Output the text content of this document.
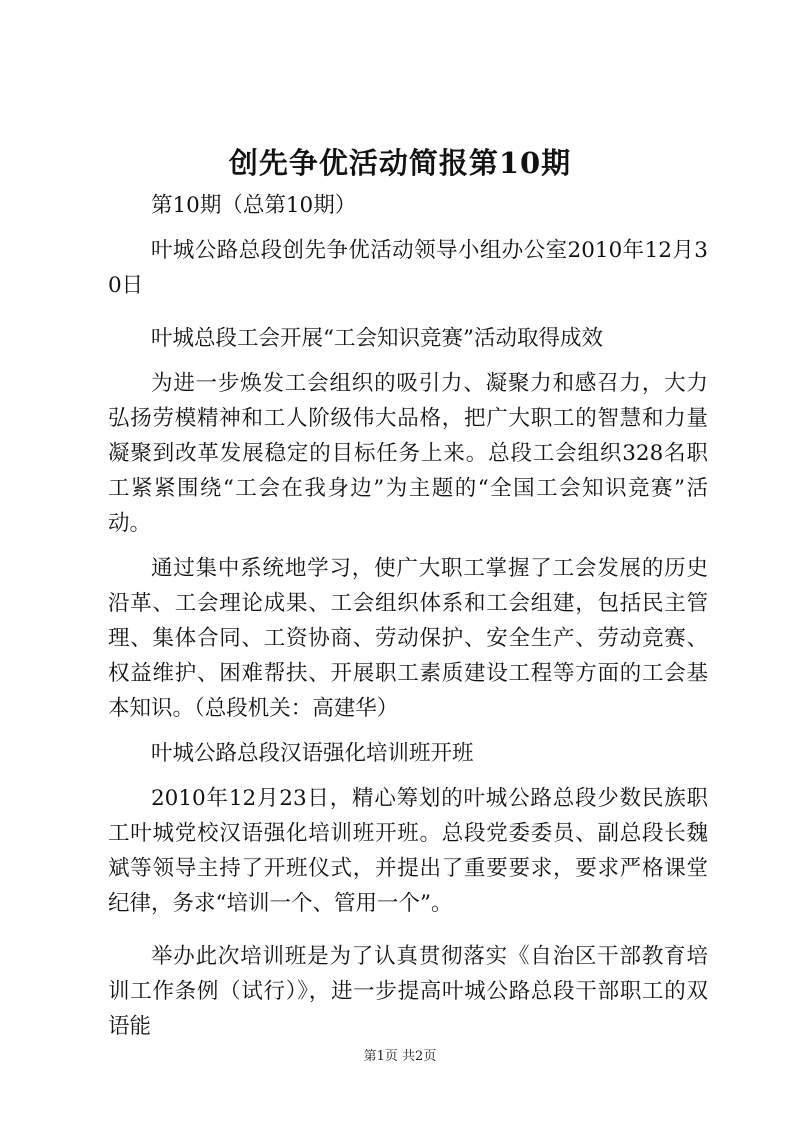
创先争优活动简报第10期

第10期（总第10期）

叶城公路总段创先争优活动领导小组办公室2010年12月30日

叶城总段工会开展“工会知识竞赛”活动取得成效

为进一步焕发工会组织的吸引力、凝聚力和感召力，大力弘扬劳模精神和工人阶级伟大品格，把广大职工的智慧和力量凝聚到改革发展稳定的目标任务上来。总段工会组织328名职工紧紧围绕“工会在我身边”为主题的“全国工会知识竞赛”活动。

通过集中系统地学习，使广大职工掌握了工会发展的历史沿革、工会理论成果、工会组织体系和工会组建，包括民主管理、集体合同、工资协商、劳动保护、安全生产、劳动竞赛、权益维护、困难帮扶、开展职工素质建设工程等方面的工会基本知识。（总段机关：高建华）

叶城公路总段汉语强化培训班开班

2010年12月23日，精心筹划的叶城公路总段少数民族职工叶城党校汉语强化培训班开班。总段党委委员、副总段长魏斌等领导主持了开班仪式，并提出了重要要求，要求严格课堂纪律，务求“培训一个、管用一个”。

举办此次培训班是为了认真贯彻落实《自治区干部教育培训工作条例（试行）》，进一步提高叶城公路总段干部职工的双语能

第1页 共2页
